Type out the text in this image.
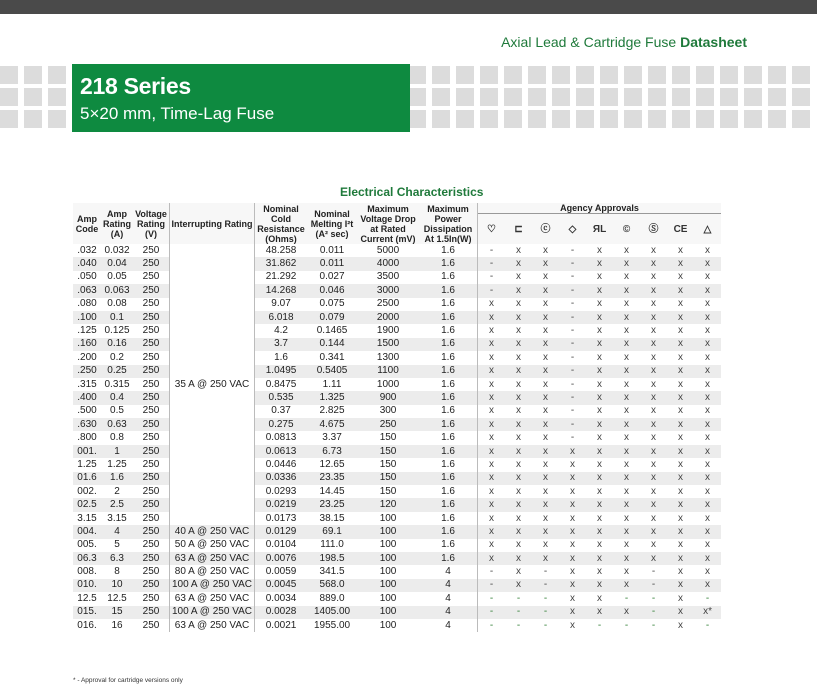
Axial Lead & Cartridge Fuse Datasheet
218 Series
5×20 mm, Time-Lag Fuse
Electrical Characteristics
Amp Code	Amp Rating (A)	Voltage Rating (V)	Interrupting Rating	Nominal Cold Resistance (Ohms)	Nominal Melting I²t (A² sec)	Maximum Voltage Drop at Rated Current (mV)	Maximum Power Dissipation At 1.5In(W)	Agency Approvals								
								♡	⊏	ⓒ	◇	ЯL	©	Ⓢ	CE	△
.032	0.032	250	35 A @ 250 VAC	48.258	0.011	5000	1.6	-	x	x	-	x	x	x	x	x
.040	0.04	250		31.862	0.011	4000	1.6	-	x	x	-	x	x	x	x	x
.050	0.05	250		21.292	0.027	3500	1.6	-	x	x	-	x	x	x	x	x
.063	0.063	250		14.268	0.046	3000	1.6	-	x	x	-	x	x	x	x	x
.080	0.08	250		9.07	0.075	2500	1.6	x	x	x	-	x	x	x	x	x
.100	0.1	250		6.018	0.079	2000	1.6	x	x	x	-	x	x	x	x	x
.125	0.125	250		4.2	0.1465	1900	1.6	x	x	x	-	x	x	x	x	x
.160	0.16	250		3.7	0.144	1500	1.6	x	x	x	-	x	x	x	x	x
.200	0.2	250		1.6	0.341	1300	1.6	x	x	x	-	x	x	x	x	x
.250	0.25	250		1.0495	0.5405	1100	1.6	x	x	x	-	x	x	x	x	x
.315	0.315	250		0.8475	1.11	1000	1.6	x	x	x	-	x	x	x	x	x
.400	0.4	250		0.535	1.325	900	1.6	x	x	x	-	x	x	x	x	x
.500	0.5	250		0.37	2.825	300	1.6	x	x	x	-	x	x	x	x	x
.630	0.63	250		0.275	4.675	250	1.6	x	x	x	-	x	x	x	x	x
.800	0.8	250		0.0813	3.37	150	1.6	x	x	x	-	x	x	x	x	x
001.	1	250		0.0613	6.73	150	1.6	x	x	x	x	x	x	x	x	x
1.25	1.25	250		0.0446	12.65	150	1.6	x	x	x	x	x	x	x	x	x
01.6	1.6	250		0.0336	23.35	150	1.6	x	x	x	x	x	x	x	x	x
002.	2	250		0.0293	14.45	150	1.6	x	x	x	x	x	x	x	x	x
02.5	2.5	250		0.0219	23.25	120	1.6	x	x	x	x	x	x	x	x	x
3.15	3.15	250		0.0173	38.15	100	1.6	x	x	x	x	x	x	x	x	x
004.	4	250	40 A @ 250 VAC	0.0129	69.1	100	1.6	x	x	x	x	x	x	x	x	x
005.	5	250	50 A @ 250 VAC	0.0104	111.0	100	1.6	x	x	x	x	x	x	x	x	x
06.3	6.3	250	63 A @ 250 VAC	0.0076	198.5	100	1.6	x	x	x	x	x	x	x	x	x
008.	8	250	80 A @ 250 VAC	0.0059	341.5	100	4	-	x	-	x	x	x	-	x	x
010.	10	250	100 A @ 250 VAC	0.0045	568.0	100	4	-	x	-	x	x	x	-	x	x
12.5	12.5	250	63 A @ 250 VAC	0.0034	889.0	100	4	-	-	-	x	x	-	-	x	-
015.	15	250	100 A @ 250 VAC	0.0028	1405.00	100	4	-	-	-	x	x	x	-	x	x*
016.	16	250	63 A @ 250 VAC	0.0021	1955.00	100	4	-	-	-	x	-	-	-	x	-
* - Approval for cartridge versions only
